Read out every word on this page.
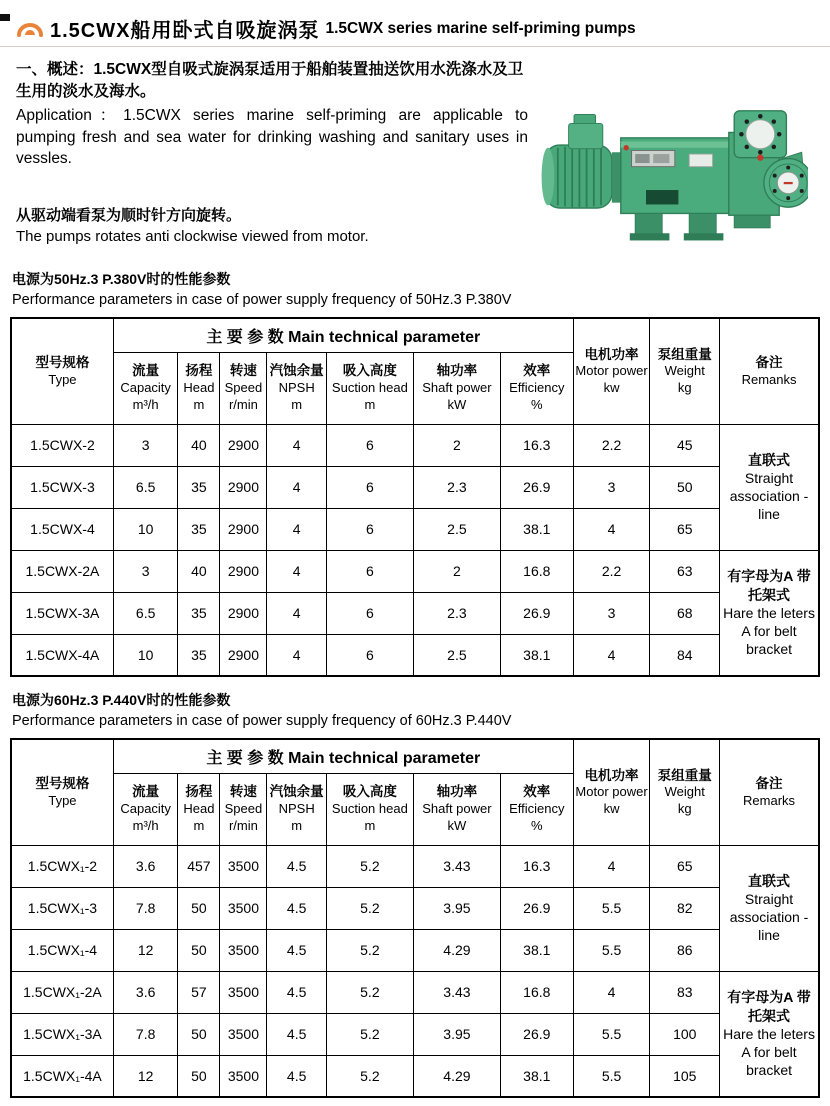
1.5CWX船用卧式自吸旋涡泵 1.5CWX series marine self-priming pumps
一、概述：1.5CWX型自吸式旋涡泵适用于船舶装置抽送饮用水洗涤水及卫生用的淡水及海水。
Application：1.5CWX series marine self-priming are applicable to pumping fresh and sea water for drinking washing and sanitary uses in vessles.
从驱动端看泵为顺时针方向旋转。
The pumps rotates anti clockwise viewed from motor.
电源为50Hz.3 P.380V时的性能参数
Performance parameters in case of power supply frequency of 50Hz.3 P.380V
型号规格
Type	主 要 参 数 Main technical parameter							电机功率
Motor power
kw	泵组重量
Weight
kg	备注
Remanks

	流量
Capacity
m³/h	扬程
Head
m	转速
Speed
r/min	汽蚀余量
NPSH
m	吸入高度
Suction head
m	轴功率
Shaft power
kW	效率
Efficiency
%			

1.5CWX-2	3	40	2900	4	6	2	16.3	2.2	45	直联式
Straight association -line

1.5CWX-3	6.5	35	2900	4	6	2.3	26.9	3	50	
1.5CWX-4	10	35	2900	4	6	2.5	38.1	4	65	
1.5CWX-2A	3	40	2900	4	6	2	16.8	2.2	63	有字母为A 带托架式
Hare the leters A for belt bracket

1.5CWX-3A	6.5	35	2900	4	6	2.3	26.9	3	68	
1.5CWX-4A	10	35	2900	4	6	2.5	38.1	4	84	
电源为60Hz.3 P.440V时的性能参数
Performance parameters in case of power supply frequency of 60Hz.3 P.440V
型号规格
Type	主 要 参 数 Main technical parameter							电机功率
Motor power
kw	泵组重量
Weight
kg	备注
Remarks

	流量
Capacity
m³/h	扬程
Head
m	转速
Speed
r/min	汽蚀余量
NPSH
m	吸入高度
Suction head
m	轴功率
Shaft power
kW	效率
Efficiency
%			

1.5CWX₁-2	3.6	457	3500	4.5	5.2	3.43	16.3	4	65	直联式
Straight association -line

1.5CWX₁-3	7.8	50	3500	4.5	5.2	3.95	26.9	5.5	82	
1.5CWX₁-4	12	50	3500	4.5	5.2	4.29	38.1	5.5	86	
1.5CWX₁-2A	3.6	57	3500	4.5	5.2	3.43	16.8	4	83	有字母为A 带托架式
Hare the leters A for belt bracket

1.5CWX₁-3A	7.8	50	3500	4.5	5.2	3.95	26.9	5.5	100	
1.5CWX₁-4A	12	50	3500	4.5	5.2	4.29	38.1	5.5	105	
